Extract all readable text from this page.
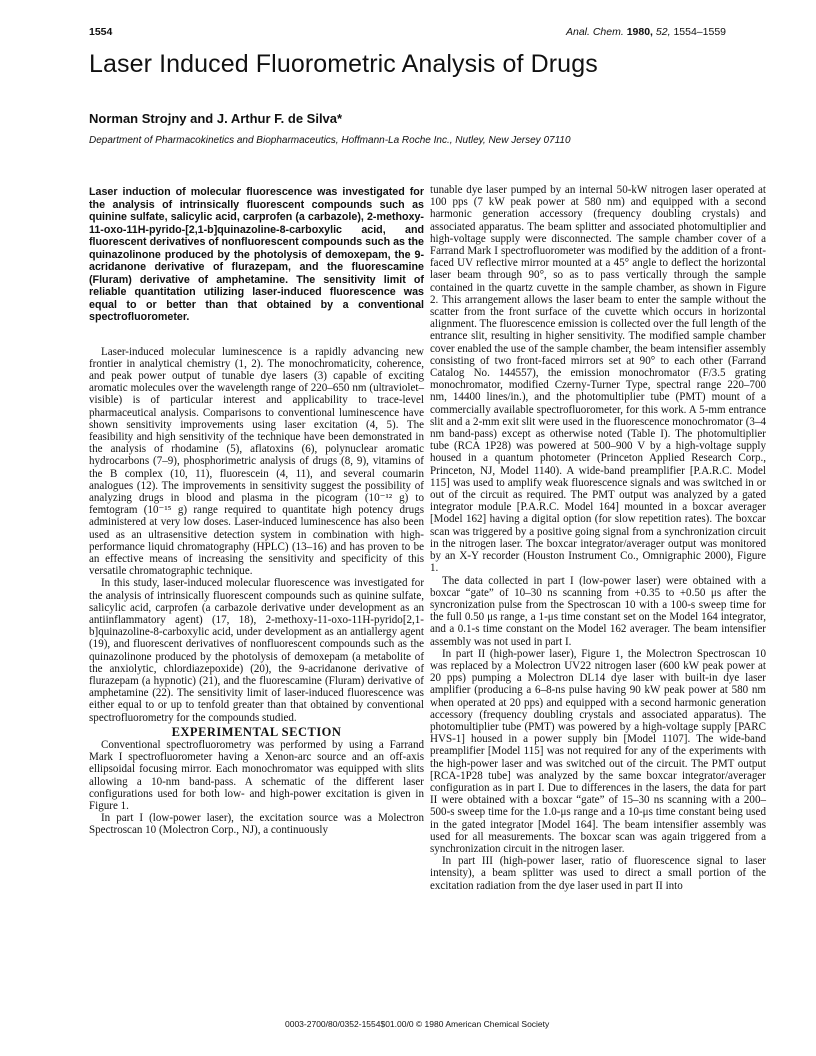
1554	Anal. Chem. 1980, 52, 1554–1559
Laser Induced Fluorometric Analysis of Drugs
Norman Strojny and J. Arthur F. de Silva*
Department of Pharmacokinetics and Biopharmaceutics, Hoffmann-La Roche Inc., Nutley, New Jersey 07110

Laser induction of molecular fluorescence was investigated for the analysis of intrinsically fluorescent compounds such as quinine sulfate, salicylic acid, carprofen (a carbazole), 2-methoxy-11-oxo-11H-pyrido-[2,1-b]quinazoline-8-carboxylic acid, and fluorescent derivatives of nonfluorescent compounds such as the quinazolinone produced by the photolysis of demoxepam, the 9-acridanone derivative of flurazepam, and the fluorescamine (Fluram) derivative of amphetamine. The sensitivity limit of reliable quantitation utilizing laser-induced fluorescence was equal to or better than that obtained by a conventional spectrofluorometer.

Laser-induced molecular luminescence is a rapidly advancing new frontier in analytical chemistry (1, 2). The monochromaticity, coherence, and peak power output of tunable dye lasers (3) capable of exciting aromatic molecules over the wavelength range of 220–650 nm (ultraviolet–visible) is of particular interest and applicability to trace-level pharmaceutical analysis. Comparisons to conventional luminescence have shown sensitivity improvements using laser excitation (4, 5). The feasibility and high sensitivity of the technique have been demonstrated in the analysis of rhodamine (5), aflatoxins (6), polynuclear aromatic hydrocarbons (7–9), phosphorimetric analysis of drugs (8, 9), vitamins of the B complex (10, 11), fluorescein (4, 11), and several coumarin analogues (12). The improvements in sensitivity suggest the possibility of analyzing drugs in blood and plasma in the picogram (10⁻¹² g) to femtogram (10⁻¹⁵ g) range required to quantitate high potency drugs administered at very low doses. Laser-induced luminescence has also been used as an ultrasensitive detection system in combination with high-performance liquid chromatography (HPLC) (13–16) and has proven to be an effective means of increasing the sensitivity and specificity of this versatile chromatographic technique.

In this study, laser-induced molecular fluorescence was investigated for the analysis of intrinsically fluorescent compounds such as quinine sulfate, salicylic acid, carprofen (a carbazole derivative under development as an antiinflammatory agent) (17, 18), 2-methoxy-11-oxo-11H-pyrido[2,1-b]quinazoline-8-carboxylic acid, under development as an antiallergy agent (19), and fluorescent derivatives of nonfluorescent compounds such as the quinazolinone produced by the photolysis of demoxepam (a metabolite of the anxiolytic, chlordiazepoxide) (20), the 9-acridanone derivative of flurazepam (a hypnotic) (21), and the fluorescamine (Fluram) derivative of amphetamine (22). The sensitivity limit of laser-induced fluorescence was either equal to or up to tenfold greater than that obtained by conventional spectrofluorometry for the compounds studied.

EXPERIMENTAL SECTION

Conventional spectrofluorometry was performed by using a Farrand Mark I spectrofluorometer having a Xenon-arc source and an off-axis ellipsoidal focusing mirror. Each monochromator was equipped with slits allowing a 10-nm band-pass. A schematic of the different laser configurations used for both low- and high-power excitation is given in Figure 1.

In part I (low-power laser), the excitation source was a Molectron Spectroscan 10 (Molectron Corp., NJ), a continuously

tunable dye laser pumped by an internal 50-kW nitrogen laser operated at 100 pps (7 kW peak power at 580 nm) and equipped with a second harmonic generation accessory (frequency doubling crystals) and associated apparatus. The beam splitter and associated photomultiplier and high-voltage supply were disconnected. The sample chamber cover of a Farrand Mark I spectrofluorometer was modified by the addition of a front-faced UV reflective mirror mounted at a 45° angle to deflect the horizontal laser beam through 90°, so as to pass vertically through the sample contained in the quartz cuvette in the sample chamber, as shown in Figure 2. This arrangement allows the laser beam to enter the sample without the scatter from the front surface of the cuvette which occurs in horizontal alignment. The fluorescence emission is collected over the full length of the entrance slit, resulting in higher sensitivity. The modified sample chamber cover enabled the use of the sample chamber, the beam intensifier assembly consisting of two front-faced mirrors set at 90° to each other (Farrand Catalog No. 144557), the emission monochromator (F/3.5 grating monochromator, modified Czerny-Turner Type, spectral range 220–700 nm, 14400 lines/in.), and the photomultiplier tube (PMT) mount of a commercially available spectrofluorometer, for this work. A 5-mm entrance slit and a 2-mm exit slit were used in the fluorescence monochromator (3–4 nm band-pass) except as otherwise noted (Table I). The photomultiplier tube (RCA 1P28) was powered at 500–900 V by a high-voltage supply housed in a quantum photometer (Princeton Applied Research Corp., Princeton, NJ, Model 1140). A wide-band preamplifier [P.A.R.C. Model 115] was used to amplify weak fluorescence signals and was switched in or out of the circuit as required. The PMT output was analyzed by a gated integrator module [P.A.R.C. Model 164] mounted in a boxcar averager [Model 162] having a digital option (for slow repetition rates). The boxcar scan was triggered by a positive going signal from a synchronization circuit in the nitrogen laser. The boxcar integrator/averager output was monitored by an X-Y recorder (Houston Instrument Co., Omnigraphic 2000), Figure 1.

The data collected in part I (low-power laser) were obtained with a boxcar “gate” of 10–30 ns scanning from +0.35 to +0.50 μs after the syncronization pulse from the Spectroscan 10 with a 100-s sweep time for the full 0.50 μs range, a 1-μs time constant set on the Model 164 integrator, and a 0.1-s time constant on the Model 162 averager. The beam intensifier assembly was not used in part I.

In part II (high-power laser), Figure 1, the Molectron Spectroscan 10 was replaced by a Molectron UV22 nitrogen laser (600 kW peak power at 20 pps) pumping a Molectron DL14 dye laser with built-in dye laser amplifier (producing a 6–8-ns pulse having 90 kW peak power at 580 nm when operated at 20 pps) and equipped with a second harmonic generation accessory (frequency doubling crystals and associated apparatus). The photomultiplier tube (PMT) was powered by a high-voltage supply [PARC HVS-1] housed in a power supply bin [Model 1107]. The wide-band preamplifier [Model 115] was not required for any of the experiments with the high-power laser and was switched out of the circuit. The PMT output [RCA-1P28 tube] was analyzed by the same boxcar integrator/averager configuration as in part I. Due to differences in the lasers, the data for part II were obtained with a boxcar “gate” of 15–30 ns scanning with a 200–500-s sweep time for the 1.0-μs range and a 10-μs time constant being used in the gated integrator [Model 164]. The beam intensifier assembly was used for all measurements. The boxcar scan was again triggered from a synchronization circuit in the nitrogen laser.

In part III (high-power laser, ratio of fluorescence signal to laser intensity), a beam splitter was used to direct a small portion of the excitation radiation from the dye laser used in part II into

0003-2700/80/0352-1554$01.00/0 © 1980 American Chemical Society
